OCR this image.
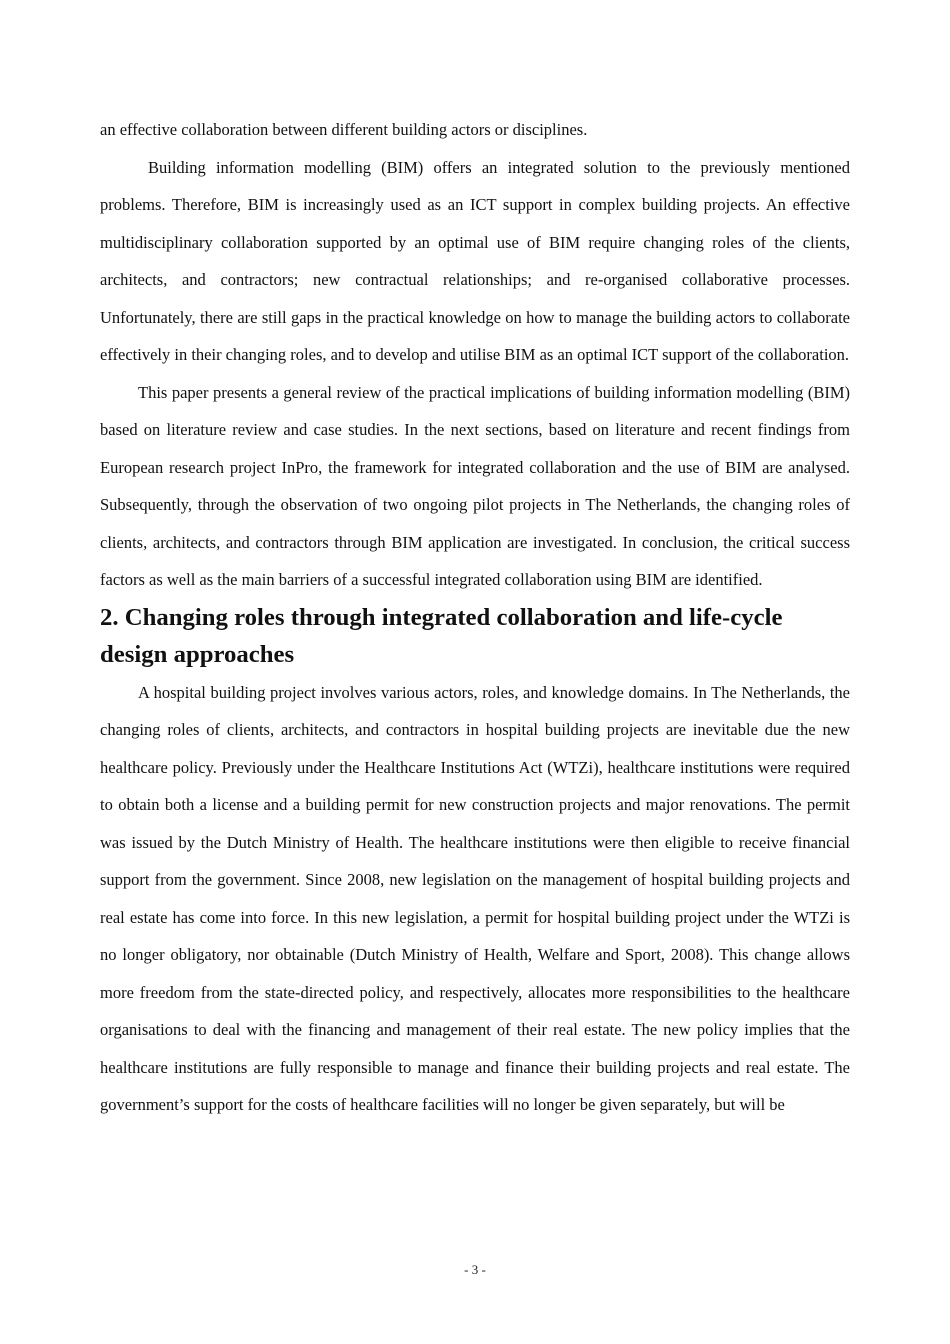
an effective collaboration between different building actors or disciplines.

Building information modelling (BIM) offers an integrated solution to the previously mentioned problems. Therefore, BIM is increasingly used as an ICT support in complex building projects. An effective multidisciplinary collaboration supported by an optimal use of BIM require changing roles of the clients, architects, and contractors; new contractual relationships; and re-organised collaborative processes. Unfortunately, there are still gaps in the practical knowledge on how to manage the building actors to collaborate effectively in their changing roles, and to develop and utilise BIM as an optimal ICT support of the collaboration.

This paper presents a general review of the practical implications of building information modelling (BIM) based on literature review and case studies. In the next sections, based on literature and recent findings from European research project InPro, the framework for integrated collaboration and the use of BIM are analysed. Subsequently, through the observation of two ongoing pilot projects in The Netherlands, the changing roles of clients, architects, and contractors through BIM application are investigated. In conclusion, the critical success factors as well as the main barriers of a successful integrated collaboration using BIM are identified.

2. Changing roles through integrated collaboration and life-cycle design approaches

A hospital building project involves various actors, roles, and knowledge domains. In The Netherlands, the changing roles of clients, architects, and contractors in hospital building projects are inevitable due the new healthcare policy. Previously under the Healthcare Institutions Act (WTZi), healthcare institutions were required to obtain both a license and a building permit for new construction projects and major renovations. The permit was issued by the Dutch Ministry of Health. The healthcare institutions were then eligible to receive financial support from the government. Since 2008, new legislation on the management of hospital building projects and real estate has come into force. In this new legislation, a permit for hospital building project under the WTZi is no longer obligatory, nor obtainable (Dutch Ministry of Health, Welfare and Sport, 2008). This change allows more freedom from the state-directed policy, and respectively, allocates more responsibilities to the healthcare organisations to deal with the financing and management of their real estate. The new policy implies that the healthcare institutions are fully responsible to manage and finance their building projects and real estate. The government’s support for the costs of healthcare facilities will no longer be given separately, but will be

- 3 -
